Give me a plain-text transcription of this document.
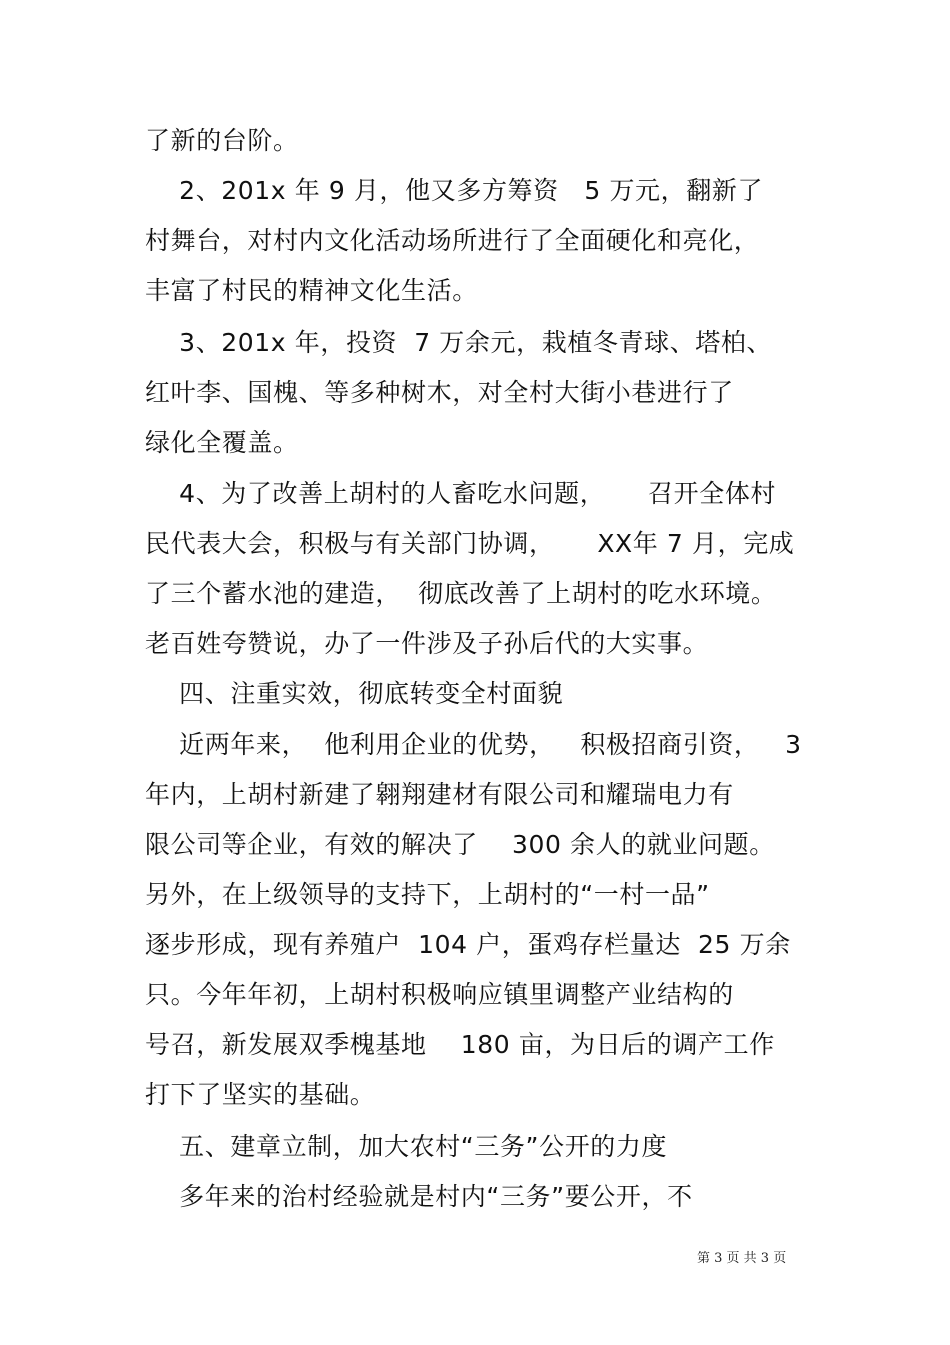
了新的台阶。
2、201x 年 9 月，他又多方筹资   5 万元，翻新了
村舞台，对村内文化活动场所进行了全面硬化和亮化，
丰富了村民的精神文化生活。
3、201x 年，投资  7 万余元，栽植冬青球、塔柏、
红叶李、国槐、等多种树木，对全村大街小巷进行了
绿化全覆盖。
4、为了改善上胡村的人畜吃水问题，     召开全体村
民代表大会，积极与有关部门协调，     XX年 7 月，完成
了三个蓄水池的建造，  彻底改善了上胡村的吃水环境。
老百姓夸赞说，办了一件涉及子孙后代的大实事。
四、注重实效，彻底转变全村面貌
近两年来，  他利用企业的优势，   积极招商引资，   3
年内，上胡村新建了翱翔建材有限公司和耀瑞电力有
限公司等企业，有效的解决了    300 余人的就业问题。
另外，在上级领导的支持下，上胡村的“一村一品”
逐步形成，现有养殖户  104 户，蛋鸡存栏量达  25 万余
只。今年年初，上胡村积极响应镇里调整产业结构的
号召，新发展双季槐基地    180 亩，为日后的调产工作
打下了坚实的基础。
五、建章立制，加大农村“三务”公开的力度
多年来的治村经验就是村内“三务”要公开，不
第 3 页 共 3 页
